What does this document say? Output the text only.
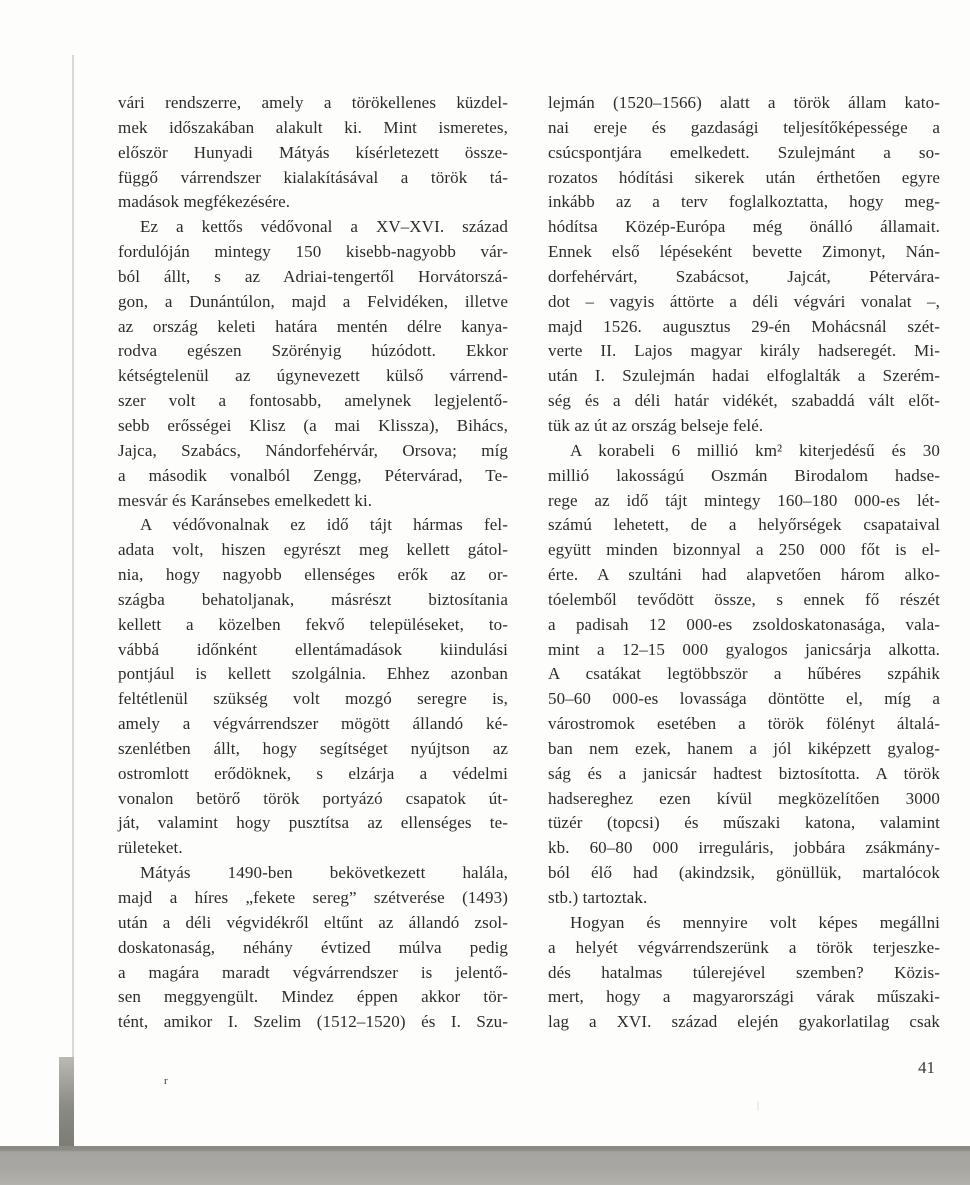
vári rendszerre, amely a törökellenes küzdel-
mek időszakában alakult ki. Mint ismeretes,
először Hunyadi Mátyás kísérletezett össze-
függő várrendszer kialakításával a török tá-
madások megfékezésére.
Ez a kettős védővonal a XV–XVI. század
fordulóján mintegy 150 kisebb-nagyobb vár-
ból állt, s az Adriai-tengertől Horvátorszá-
gon, a Dunántúlon, majd a Felvidéken, illetve
az ország keleti határa mentén délre kanya-
rodva egészen Szörényig húzódott. Ekkor
kétségtelenül az úgynevezett külső várrend-
szer volt a fontosabb, amelynek legjelentő-
sebb erősségei Klisz (a mai Klissza), Bihács,
Jajca, Szabács, Nándorfehérvár, Orsova; míg
a második vonalból Zengg, Pétervárad, Te-
mesvár és Karánsebes emelkedett ki.
A védővonalnak ez idő tájt hármas fel-
adata volt, hiszen egyrészt meg kellett gátol-
nia, hogy nagyobb ellenséges erők az or-
szágba behatoljanak, másrészt biztosítania
kellett a közelben fekvő településeket, to-
vábbá időnként ellentámadások kiindulási
pontjául is kellett szolgálnia. Ehhez azonban
feltétlenül szükség volt mozgó seregre is,
amely a végvárrendszer mögött állandó ké-
szenlétben állt, hogy segítséget nyújtson az
ostromlott erődöknek, s elzárja a védelmi
vonalon betörő török portyázó csapatok út-
ját, valamint hogy pusztítsa az ellenséges te-
rületeket.
Mátyás 1490-ben bekövetkezett halála,
majd a híres „fekete sereg” szétverése (1493)
után a déli végvidékről eltűnt az állandó zsol-
doskatonaság, néhány évtized múlva pedig
a magára maradt végvárrendszer is jelentő-
sen meggyengült. Mindez éppen akkor tör-
tént, amikor I. Szelim (1512–1520) és I. Szu-
lejmán (1520–1566) alatt a török állam kato-
nai ereje és gazdasági teljesítőképessége a
csúcspontjára emelkedett. Szulejmánt a so-
rozatos hódítási sikerek után érthetően egyre
inkább az a terv foglalkoztatta, hogy meg-
hódítsa Közép-Európa még önálló államait.
Ennek első lépéseként bevette Zimonyt, Nán-
dorfehérvárt, Szabácsot, Jajcát, Pétervára-
dot – vagyis áttörte a déli végvári vonalat –,
majd 1526. augusztus 29-én Mohácsnál szét-
verte II. Lajos magyar király hadseregét. Mi-
után I. Szulejmán hadai elfoglalták a Szerém-
ség és a déli határ vidékét, szabaddá vált előt-
tük az út az ország belseje felé.
A korabeli 6 millió km² kiterjedésű és 30
millió lakosságú Oszmán Birodalom hadse-
rege az idő tájt mintegy 160–180 000-es lét-
számú lehetett, de a helyőrségek csapataival
együtt minden bizonnyal a 250 000 főt is el-
érte. A szultáni had alapvetően három alko-
tóelemből tevődött össze, s ennek fő részét
a padisah 12 000-es zsoldoskatonasága, vala-
mint a 12–15 000 gyalogos janicsárja alkotta.
A csatákat legtöbbször a hűbéres szpáhik
50–60 000-es lovassága döntötte el, míg a
várostromok esetében a török fölényt általá-
ban nem ezek, hanem a jól kiképzett gyalog-
ság és a janicsár hadtest biztosította. A török
hadsereghez ezen kívül megközelítően 3000
tüzér (topcsi) és műszaki katona, valamint
kb. 60–80 000 irreguláris, jobbára zsákmány-
ból élő had (akindzsik, gönüllük, martalócok
stb.) tartoztak.
Hogyan és mennyire volt képes megállni
a helyét végvárrendszerünk a török terjeszke-
dés hatalmas túlerejével szemben? Közis-
mert, hogy a magyarországi várak műszaki-
lag a XVI. század elején gyakorlatilag csak
41
r
|
